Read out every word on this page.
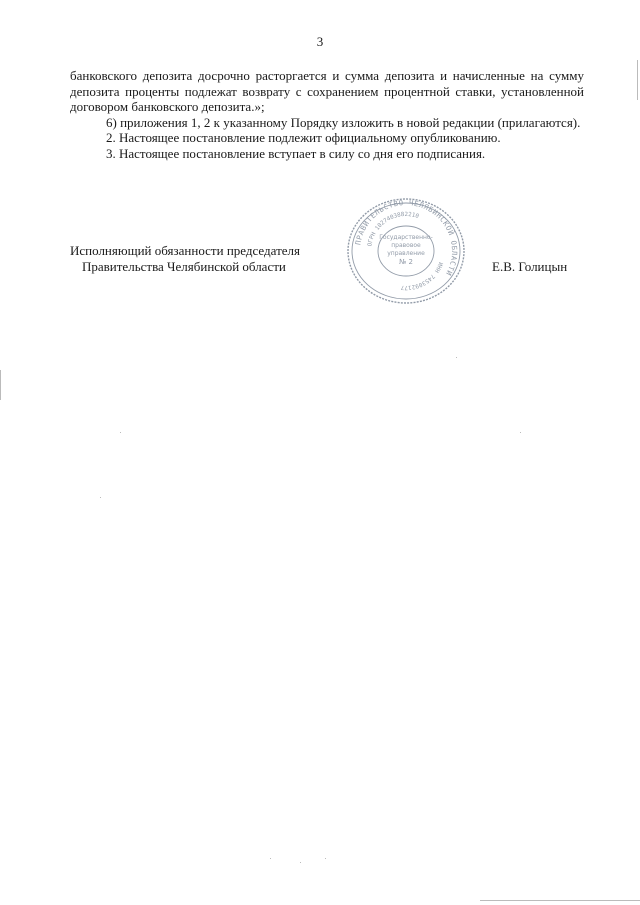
3

банковского депозита досрочно расторгается и сумма депозита и начисленные на сумму депозита проценты подлежат возврату с сохранением процентной ставки, установленной договором банковского депозита.»;

6) приложения 1, 2 к указанному Порядку изложить в новой редакции (прилагаются).

2. Настоящее постановление подлежит официальному опубликованию.

3. Настоящее постановление вступает в силу со дня его подписания.

Исполняющий обязанности председателя
Правительства Челябинской области	Е.В. Голицын
ПРАВИТЕЛЬСТВО ЧЕЛЯБИНСКОЙ ОБЛАСТИ
ОГРН 1027403882210
ИНН 7453092177
Государственно-
правовое
управление
№ 2
